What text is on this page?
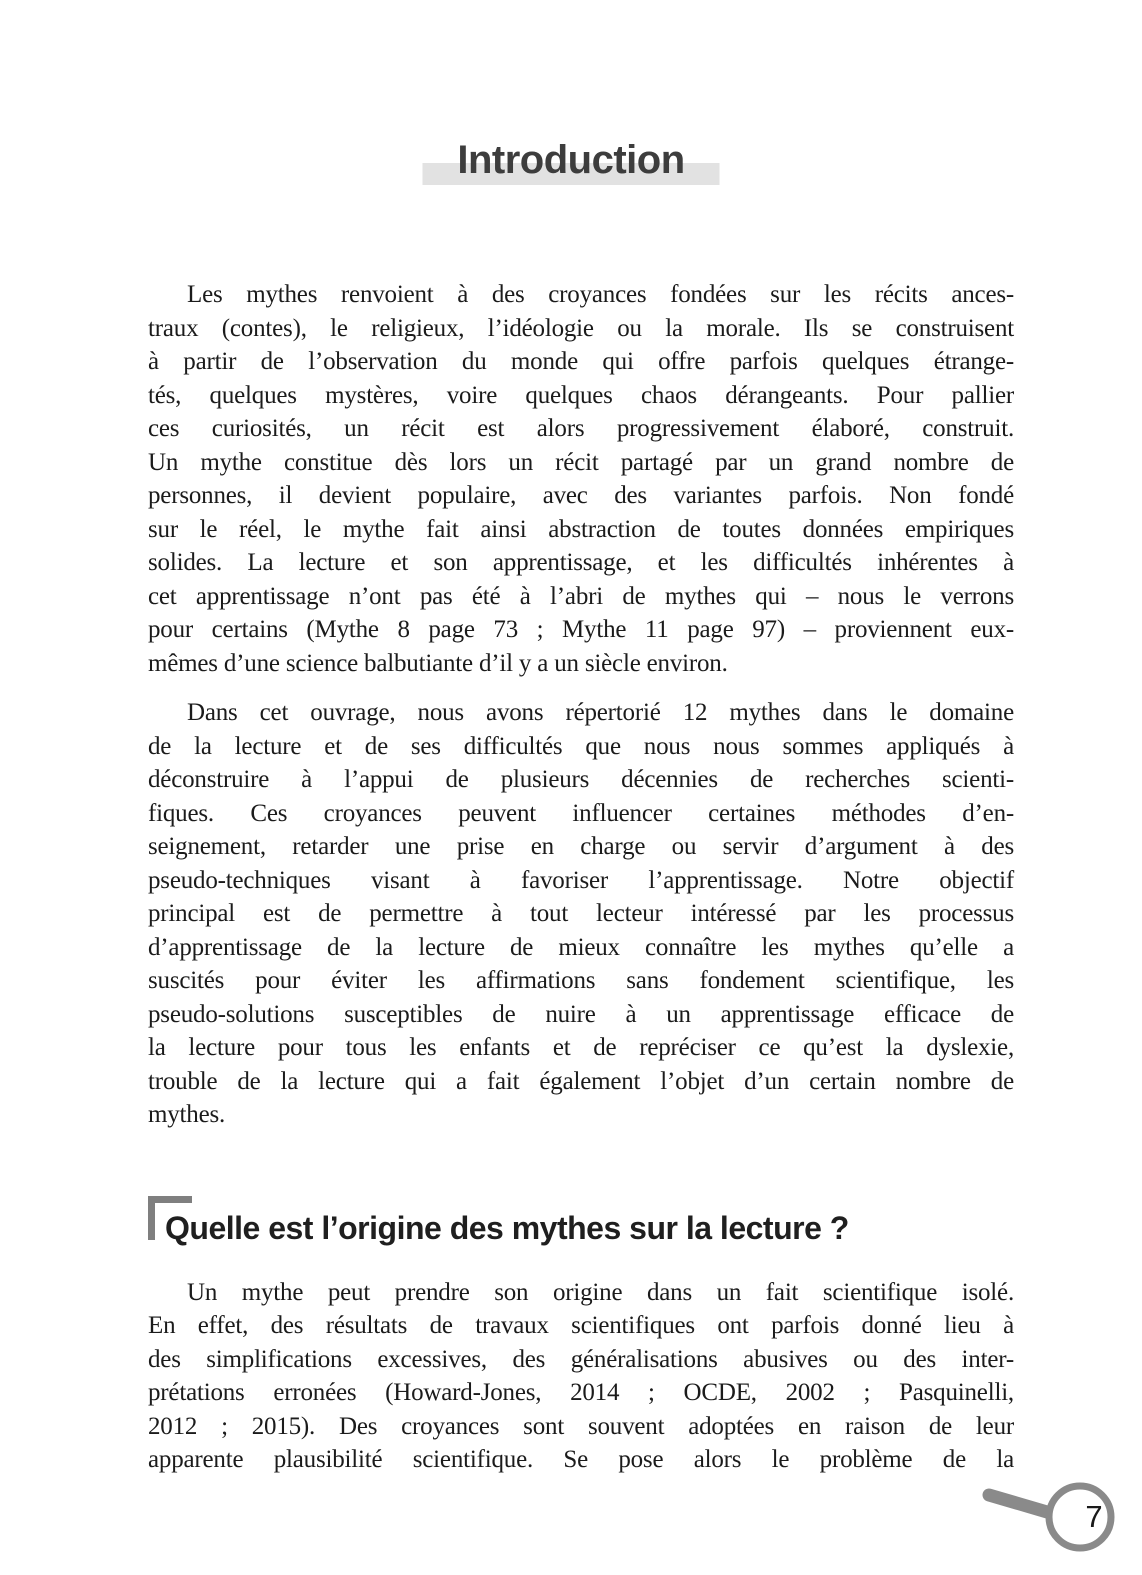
Introduction
Les mythes renvoient à des croyances fondées sur les récits ances-
traux (contes), le religieux, l’idéologie ou la morale. Ils se construisent
à partir de l’observation du monde qui offre parfois quelques étrange-
tés, quelques mystères, voire quelques chaos dérangeants. Pour pallier
ces curiosités, un récit est alors progressivement élaboré, construit.
Un mythe constitue dès lors un récit partagé par un grand nombre de
personnes, il devient populaire, avec des variantes parfois. Non fondé
sur le réel, le mythe fait ainsi abstraction de toutes données empiriques
solides. La lecture et son apprentissage, et les difficultés inhérentes à
cet apprentissage n’ont pas été à l’abri de mythes qui – nous le verrons
pour certains (Mythe 8 page 73 ; Mythe 11 page 97) – proviennent eux-
mêmes d’une science balbutiante d’il y a un siècle environ.
Dans cet ouvrage, nous avons répertorié 12 mythes dans le domaine
de la lecture et de ses difficultés que nous nous sommes appliqués à
déconstruire à l’appui de plusieurs décennies de recherches scienti-
fiques. Ces croyances peuvent influencer certaines méthodes d’en-
seignement, retarder une prise en charge ou servir d’argument à des
pseudo-techniques visant à favoriser l’apprentissage. Notre objectif
principal est de permettre à tout lecteur intéressé par les processus
d’apprentissage de la lecture de mieux connaître les mythes qu’elle a
suscités pour éviter les affirmations sans fondement scientifique, les
pseudo-solutions susceptibles de nuire à un apprentissage efficace de
la lecture pour tous les enfants et de repréciser ce qu’est la dyslexie,
trouble de la lecture qui a fait également l’objet d’un certain nombre de
mythes.
Quelle est l’origine des mythes sur la lecture ?
Un mythe peut prendre son origine dans un fait scientifique isolé.
En effet, des résultats de travaux scientifiques ont parfois donné lieu à
des simplifications excessives, des généralisations abusives ou des inter-
prétations erronées (Howard-Jones, 2014 ; OCDE, 2002 ; Pasquinelli,
2012 ; 2015). Des croyances sont souvent adoptées en raison de leur
apparente plausibilité scientifique. Se pose alors le problème de la
7
